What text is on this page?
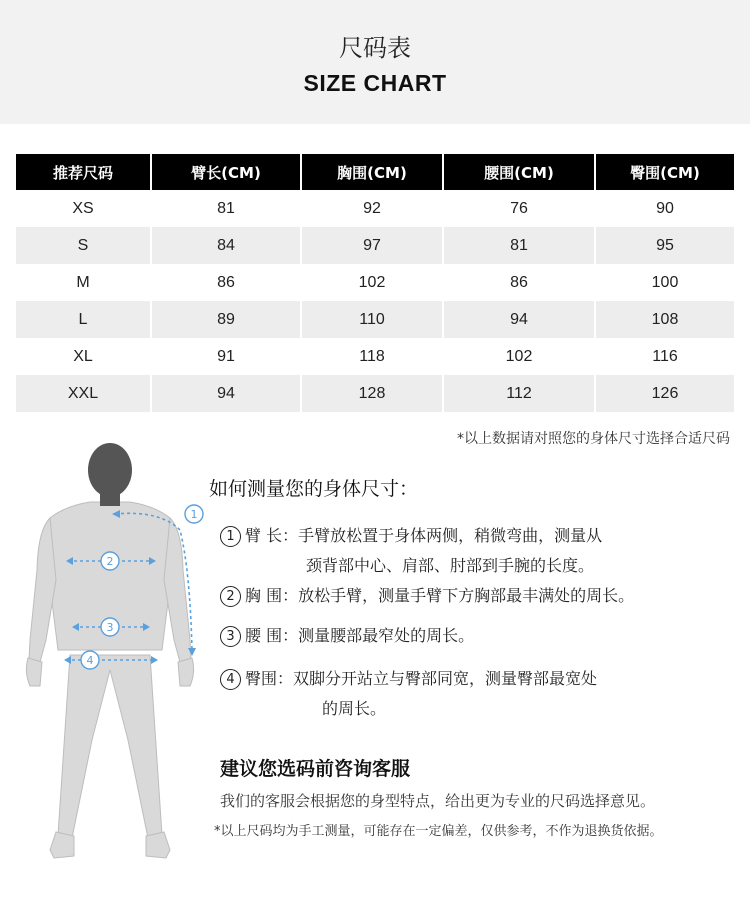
尺码表
SIZE CHART
推荐尺码	臂长(CM)	胸围(CM)	腰围(CM)	臀围(CM)
XS	81	92	76	90
S	84	97	81	95
M	86	102	86	100
L	89	110	94	108
XL	91	118	102	116
XXL	94	128	112	126
*以上数据请对照您的身体尺寸选择合适尺码
1
2
3
4
如何测量您的身体尺寸：
1 臂 长：手臂放松置于身体两侧，稍微弯曲，测量从
颈背部中心、肩部、肘部到手腕的长度。
2 胸 围：放松手臂，测量手臂下方胸部最丰满处的周长。
3 腰 围：测量腰部最窄处的周长。
4 臀围：双脚分开站立与臀部同宽，测量臀部最宽处
的周长。
建议您选码前咨询客服
我们的客服会根据您的身型特点，给出更为专业的尺码选择意见。
*以上尺码均为手工测量，可能存在一定偏差，仅供参考，不作为退换货依据。
